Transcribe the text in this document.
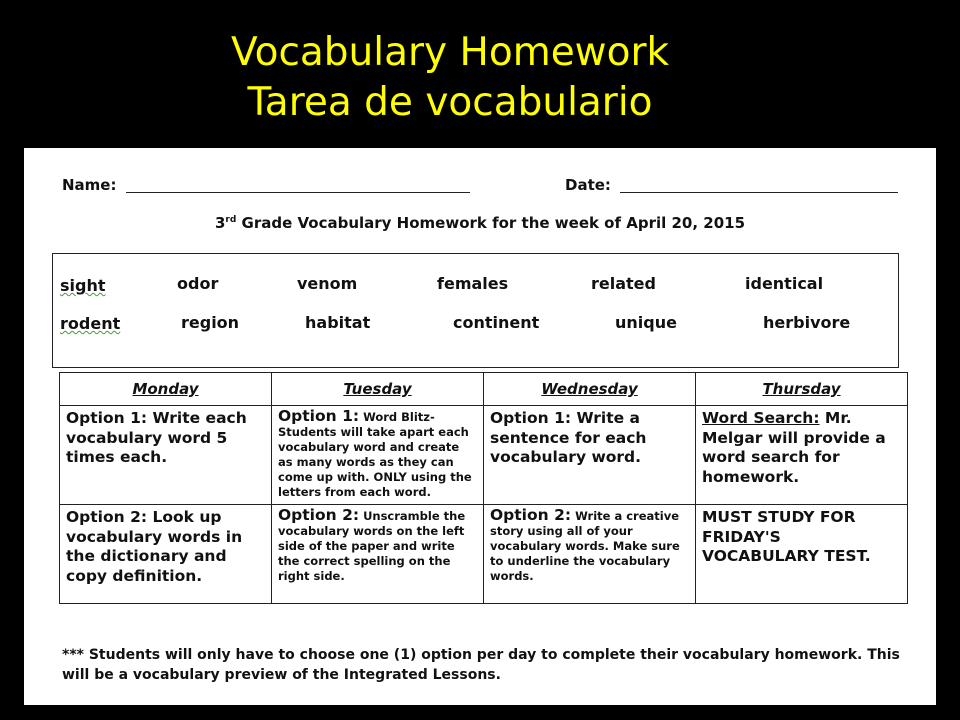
Vocabulary Homework
Tarea de vocabulario
Name:	Date:
3rd Grade Vocabulary Homework for the week of April 20, 2015
sight	odor	venom	females	related	identical
rodent	region	habitat	continent	unique	herbivore
Monday	Tuesday	Wednesday	Thursday
Option 1: Write each vocabulary word 5 times each.	Option 1: Word Blitz- Students will take apart each vocabulary word and create as many words as they can come up with. ONLY using the letters from each word.	Option 1: Write a sentence for each vocabulary word.	Word Search: Mr. Melgar will provide a word search for homework.
Option 2: Look up vocabulary words in the dictionary and copy definition.	Option 2: Unscramble the vocabulary words on the left side of the paper and write the correct spelling on the right side.	Option 2: Write a creative story using all of your vocabulary words. Make sure to underline the vocabulary words.	MUST STUDY FOR FRIDAY'S VOCABULARY TEST.
*** Students will only have to choose one (1) option per day to complete their vocabulary homework. This will be a vocabulary preview of the Integrated Lessons.
